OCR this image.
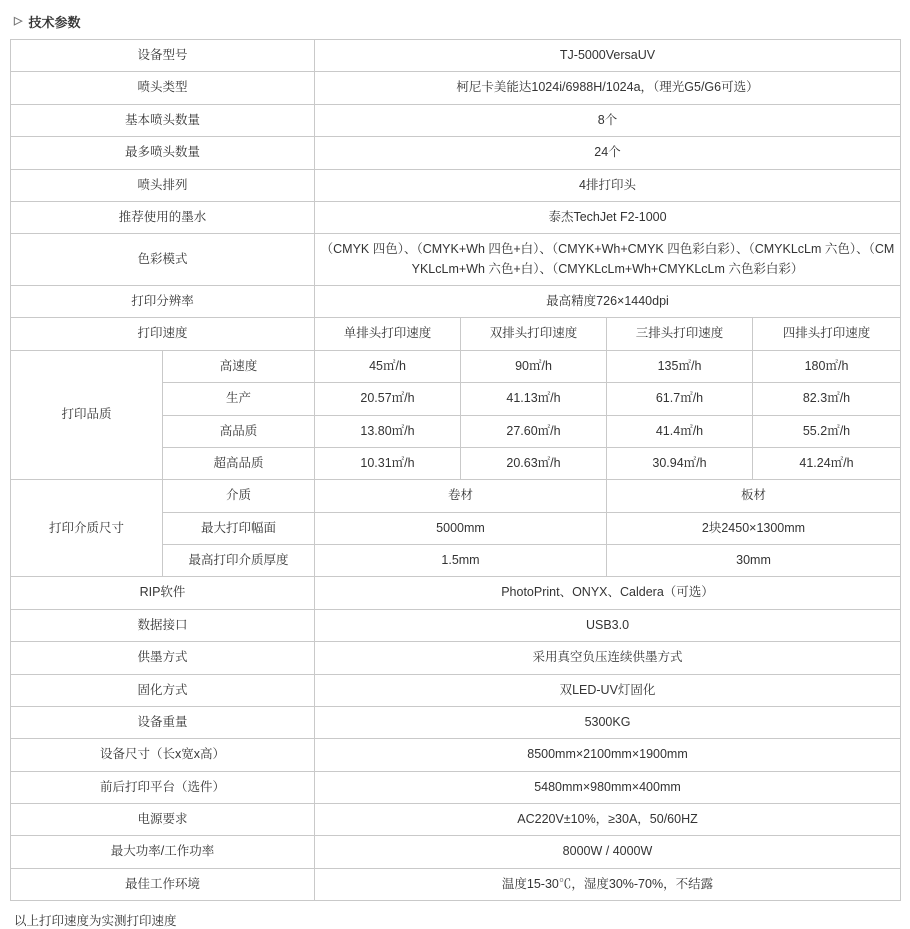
▷ 技术参数
设备型号		TJ-5000VersaUV			
喷头类型		柯尼卡美能达1024i/6988H/1024a，（理光G5/G6可选）			
基本喷头数量		8个			
最多喷头数量		24个			
喷头排列		4排打印头			
推荐使用的墨水		泰杰TechJet F2-1000			
色彩模式		（CMYK 四色）、（CMYK+Wh 四色+白）、（CMYK+Wh+CMYK 四色彩白彩）、（CMYKLcLm 六色）、（CMYKLcLm+Wh 六色+白）、（CMYKLcLm+Wh+CMYKLcLm 六色彩白彩）			
打印分辨率		最高精度726×1440dpi			
打印速度		单排头打印速度	双排头打印速度	三排头打印速度	四排头打印速度
打印品质	高速度	45㎡/h	90㎡/h	135㎡/h	180㎡/h
	生产	20.57㎡/h	41.13㎡/h	61.7㎡/h	82.3㎡/h
	高品质	13.80㎡/h	27.60㎡/h	41.4㎡/h	55.2㎡/h
	超高品质	10.31㎡/h	20.63㎡/h	30.94㎡/h	41.24㎡/h
打印介质尺寸	介质	卷材		板材	
	最大打印幅面	5000mm		2块2450×1300mm	
	最高打印介质厚度	1.5mm		30mm	
RIP软件		PhotoPrint、ONYX、Caldera（可选）			
数据接口		USB3.0			
供墨方式		采用真空负压连续供墨方式			
固化方式		双LED-UV灯固化			
设备重量		5300KG			
设备尺寸（长x宽x高）		8500mm×2100mm×1900mm			
前后打印平台（选件）		5480mm×980mm×400mm			
电源要求		AC220V±10%，≥30A，50/60HZ			
最大功率/工作功率		8000W / 4000W			
最佳工作环境		温度15-30℃，湿度30%-70%，不结露			
以上打印速度为实测打印速度
